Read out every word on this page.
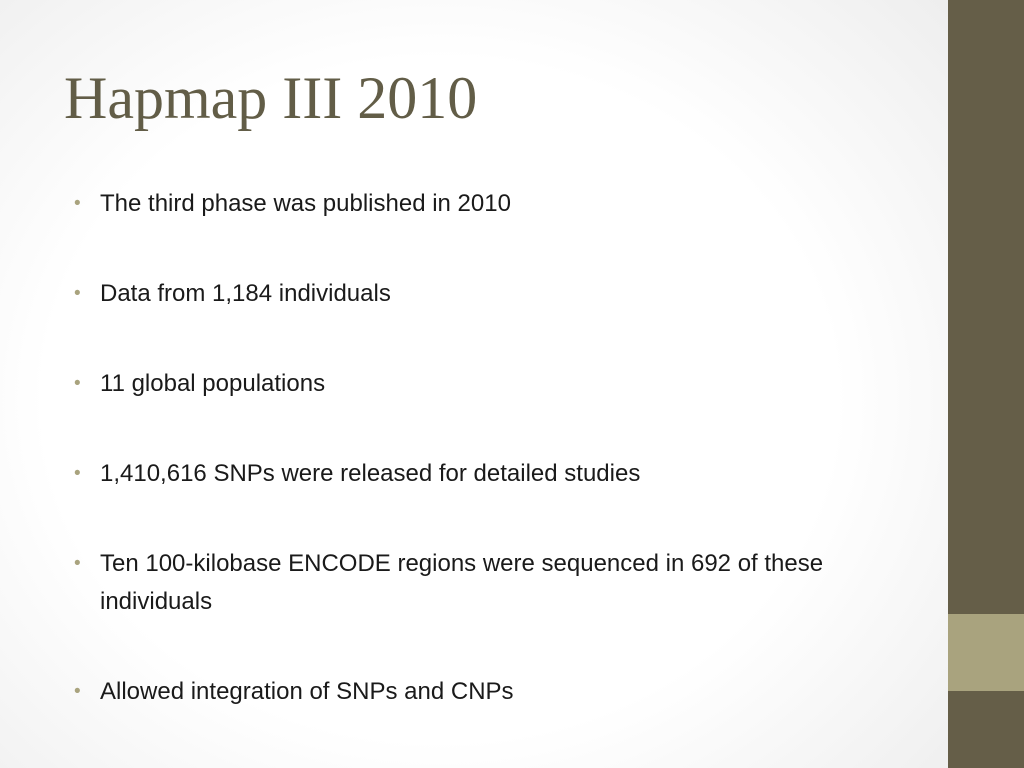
Hapmap III 2010
• The third phase was published in 2010
• Data from 1,184 individuals
• 11 global populations
• 1,410,616 SNPs were released for detailed studies
• Ten 100-kilobase ENCODE regions were sequenced in 692 of these individuals
• Allowed integration of SNPs and CNPs
